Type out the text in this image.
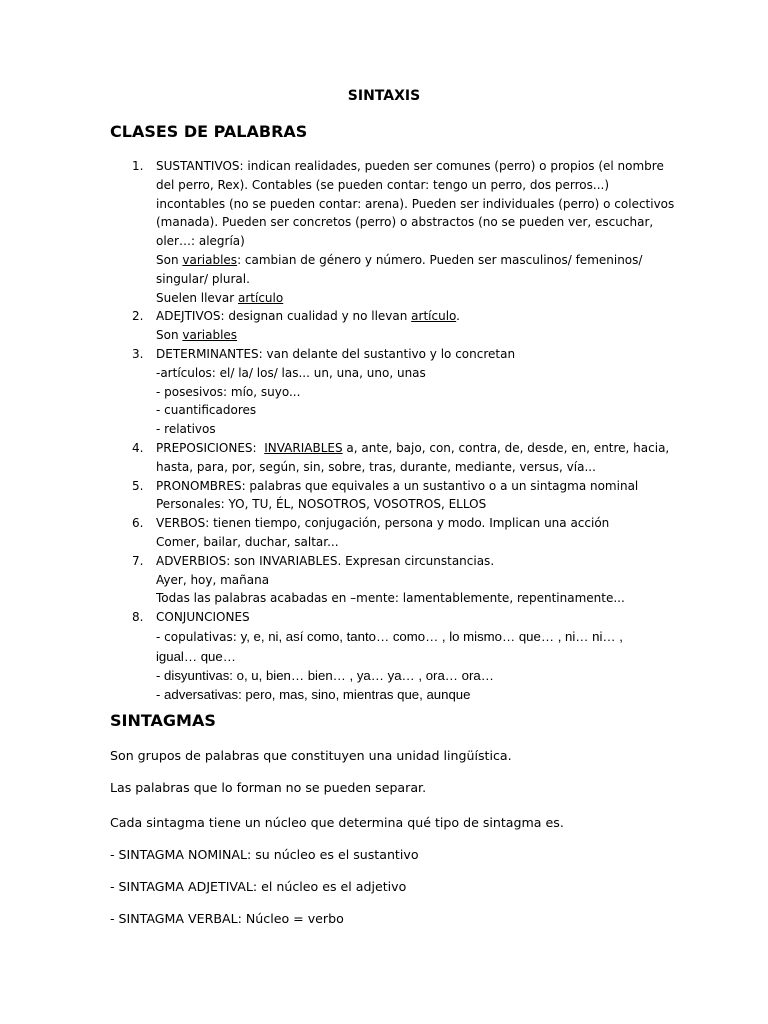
SINTAXIS
CLASES DE PALABRAS
1. SUSTANTIVOS: indican realidades, pueden ser comunes (perro) o propios (el nombre
del perro, Rex). Contables (se pueden contar: tengo un perro, dos perros...)
incontables (no se pueden contar: arena). Pueden ser individuales (perro) o colectivos
(manada). Pueden ser concretos (perro) o abstractos (no se pueden ver, escuchar,
oler…: alegría)
Son variables: cambian de género y número. Pueden ser masculinos/ femeninos/
singular/ plural.
Suelen llevar artículo
2. ADEJTIVOS: designan cualidad y no llevan artículo.
Son variables
3. DETERMINANTES: van delante del sustantivo y lo concretan
-artículos: el/ la/ los/ las... un, una, uno, unas
- posesivos: mío, suyo...
- cuantificadores
- relativos
4. PREPOSICIONES:  INVARIABLES a, ante, bajo, con, contra, de, desde, en, entre, hacia,
hasta, para, por, según, sin, sobre, tras, durante, mediante, versus, vía...
5. PRONOMBRES: palabras que equivales a un sustantivo o a un sintagma nominal
Personales: YO, TU, ÉL, NOSOTROS, VOSOTROS, ELLOS
6. VERBOS: tienen tiempo, conjugación, persona y modo. Implican una acción
Comer, bailar, duchar, saltar...
7. ADVERBIOS: son INVARIABLES. Expresan circunstancias.
Ayer, hoy, mañana
Todas las palabras acabadas en –mente: lamentablemente, repentinamente...
8. CONJUNCIONES
- copulativas: y, e, ni, así como, tanto… como… , lo mismo… que… , ni… ni… ,
igual… que…
- disyuntivas: o, u, bien… bien… , ya… ya… , ora… ora…
- adversativas: pero, mas, sino, mientras que, aunque
SINTAGMAS
Son grupos de palabras que constituyen una unidad lingüística.
Las palabras que lo forman no se pueden separar.
Cada sintagma tiene un núcleo que determina qué tipo de sintagma es.
- SINTAGMA NOMINAL: su núcleo es el sustantivo
- SINTAGMA ADJETIVAL: el núcleo es el adjetivo
- SINTAGMA VERBAL: Núcleo = verbo
